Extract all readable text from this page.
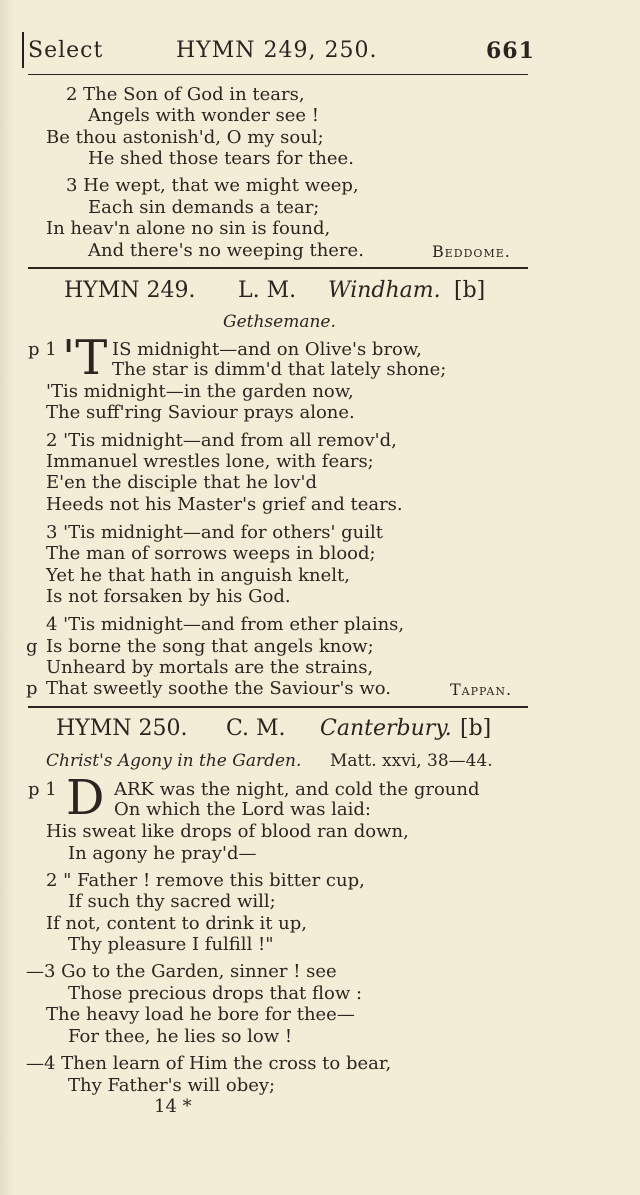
Select	HYMN 249, 250.	661
2 The Son of God in tears,
Angels with wonder see !
Be thou astonish'd, O my soul;
He shed those tears for thee.
3 He wept, that we might weep,
Each sin demands a tear;
In heav'n alone no sin is found,
And there's no weeping there.	Beddome.
HYMN 249. L. M. Windham. [b]
Gethsemane.
p 1 'T IS midnight—and on Olive's brow,
The star is dimm'd that lately shone;
'Tis midnight—in the garden now,
The suff'ring Saviour prays alone.
2 'Tis midnight—and from all remov'd,
Immanuel wrestles lone, with fears;
E'en the disciple that he lov'd
Heeds not his Master's grief and tears.
3 'Tis midnight—and for others' guilt
The man of sorrows weeps in blood;
Yet he that hath in anguish knelt,
Is not forsaken by his God.
4 'Tis midnight—and from ether plains,
g Is borne the song that angels know;
Unheard by mortals are the strains,
p That sweetly soothe the Saviour's wo.	Tappan.
HYMN 250. C. M. Canterbury. [b]
Christ's Agony in the Garden. Matt. xxvi, 38—44.
p 1 D ARK was the night, and cold the ground
On which the Lord was laid:
His sweat like drops of blood ran down,
In agony he pray'd—
2 " Father ! remove this bitter cup,
If such thy sacred will;
If not, content to drink it up,
Thy pleasure I fulfill !"
—3 Go to the Garden, sinner ! see
Those precious drops that flow :
The heavy load he bore for thee—
For thee, he lies so low !
—4 Then learn of Him the cross to bear,
Thy Father's will obey;
14 *
